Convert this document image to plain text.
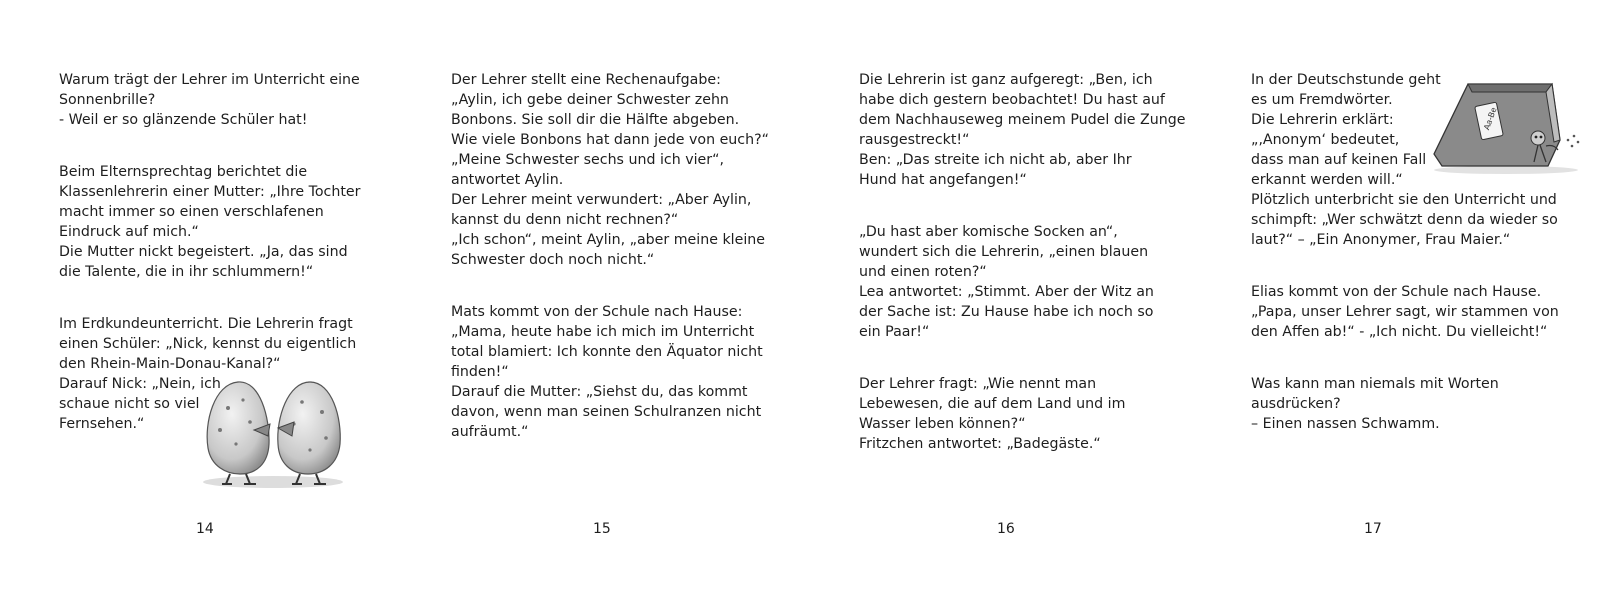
Warum trägt der Lehrer im Unterricht eine
Sonnenbrille?
- Weil er so glänzende Schüler hat!
Beim Elternsprechtag berichtet die
Klassenlehrerin einer Mutter: „Ihre Tochter
macht immer so einen verschlafenen
Eindruck auf mich.“
Die Mutter nickt begeistert. „Ja, das sind
die Talente, die in ihr schlummern!“
Im Erdkundeunterricht. Die Lehrerin fragt
einen Schüler: „Nick, kennst du eigentlich
den Rhein-Main-Donau-Kanal?“
Darauf Nick: „Nein, ich
schaue nicht so viel
Fernsehen.“
14
Der Lehrer stellt eine Rechenaufgabe:
„Aylin, ich gebe deiner Schwester zehn
Bonbons. Sie soll dir die Hälfte abgeben.
Wie viele Bonbons hat dann jede von euch?“
„Meine Schwester sechs und ich vier“,
antwortet Aylin.
Der Lehrer meint verwundert: „Aber Aylin,
kannst du denn nicht rechnen?“
„Ich schon“, meint Aylin, „aber meine kleine
Schwester doch noch nicht.“
Mats kommt von der Schule nach Hause:
„Mama, heute habe ich mich im Unterricht
total blamiert: Ich konnte den Äquator nicht
finden!“
Darauf die Mutter: „Siehst du, das kommt
davon, wenn man seinen Schulranzen nicht
aufräumt.“
15
Die Lehrerin ist ganz aufgeregt: „Ben, ich
habe dich gestern beobachtet! Du hast auf
dem Nachhauseweg meinem Pudel die Zunge
rausgestreckt!“
Ben: „Das streite ich nicht ab, aber Ihr
Hund hat angefangen!“
„Du hast aber komische Socken an“,
wundert sich die Lehrerin, „einen blauen
und einen roten?“
Lea antwortet: „Stimmt. Aber der Witz an
der Sache ist: Zu Hause habe ich noch so
ein Paar!“
Der Lehrer fragt: „Wie nennt man
Lebewesen, die auf dem Land und im
Wasser leben können?“
Fritzchen antwortet: „Badegäste.“
16
In der Deutschstunde geht
es um Fremdwörter.
Die Lehrerin erklärt:
„‚Anonym‘ bedeutet,
dass man auf keinen Fall
erkannt werden will.“
Plötzlich unterbricht sie den Unterricht und
schimpft: „Wer schwätzt denn da wieder so
laut?“ – „Ein Anonymer, Frau Maier.“
Elias kommt von der Schule nach Hause.
„Papa, unser Lehrer sagt, wir stammen von
den Affen ab!“ - „Ich nicht. Du vielleicht!“
Was kann man niemals mit Worten
ausdrücken?
– Einen nassen Schwamm.
Aa-Be
17
